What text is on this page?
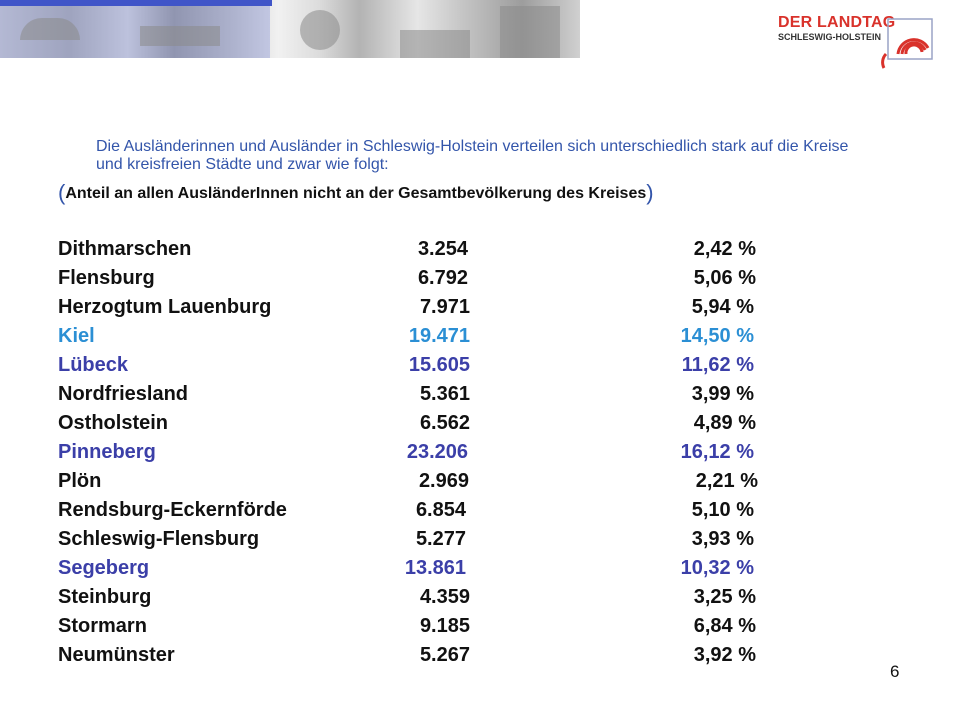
DER LANDTAG
SCHLESWIG-HOLSTEIN
Die Ausländerinnen und Ausländer in Schleswig-Holstein verteilen sich unterschiedlich stark auf die Kreise und kreisfreien Städte und zwar wie folgt:
(Anteil an allen AusländerInnen nicht an der Gesamtbevölkerung des Kreises)
Dithmarschen	3.254	2,42 %
Flensburg	6.792	5,06 %
Herzogtum Lauenburg	7.971	5,94 %
Kiel	19.471	14,50 %
Lübeck	15.605	11,62 %
Nordfriesland	5.361	3,99 %
Ostholstein	6.562	4,89 %
Pinneberg	23.206	16,12 %
Plön	2.969	2,21 %
Rendsburg-Eckernförde	6.854	5,10 %
Schleswig-Flensburg	5.277	3,93 %
Segeberg	13.861	10,32 %
Steinburg	4.359	3,25 %
Stormarn	9.185	6,84 %
Neumünster	5.267	3,92 %
6
